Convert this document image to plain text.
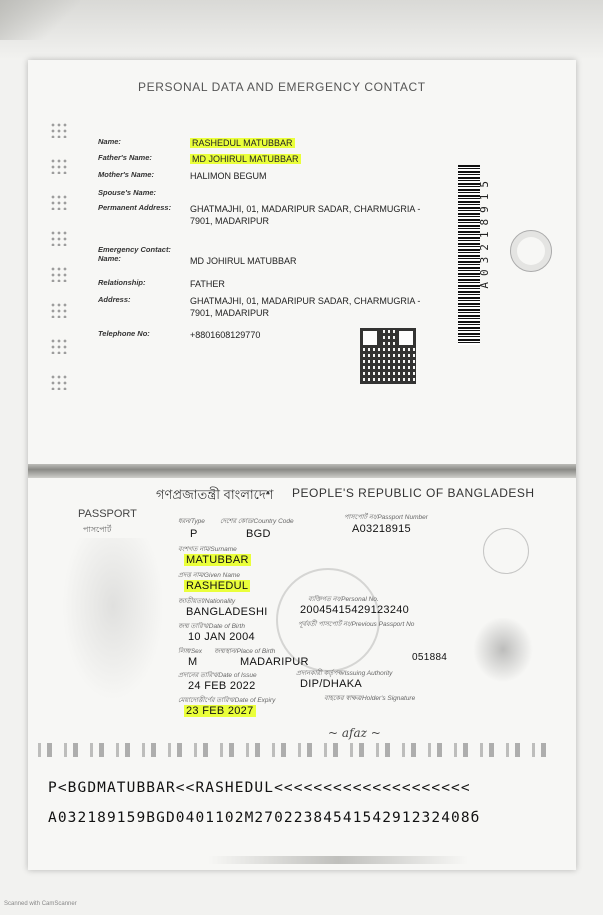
PERSONAL DATA AND EMERGENCY CONTACT
Name:	RASHEDUL MATUBBAR
Father's Name:	MD JOHIRUL MATUBBAR
Mother's Name:	HALIMON BEGUM
Spouse's Name:
Permanent Address:	GHATMAJHI, 01, MADARIPUR SADAR, CHARMUGRIA - 7901, MADARIPUR
Emergency Contact: Name:	MD JOHIRUL MATUBBAR
Relationship:	FATHER
Address:	GHATMAJHI, 01, MADARIPUR SADAR, CHARMUGRIA - 7901, MADARIPUR
Telephone No:	+8801608129770
A03218915
গণপ্রজাতন্ত্রী বাংলাদেশ PEOPLE'S REPUBLIC OF BANGLADESH
PASSPORT
পাসপোর্ট
ধরন/Type
P
দেশের কোড/Country Code
BGD
পাসপোর্ট নং/Passport Number
A03218915
বংশগত নাম/Surname
MATUBBAR
প্রদত্ত নাম/Given Name
RASHEDUL
জাতীয়তা/Nationality
BANGLADESHI
ব্যক্তিগত নং/Personal No.
20045415429123240
জন্ম তারিখ/Date of Birth
10 JAN 2004
পূর্ববর্তী পাসপোর্ট নং/Previous Passport No
লিঙ্গ/Sex
M
জন্মস্থান/Place of Birth
MADARIPUR	051884
প্রদানের তারিখ/Date of Issue
24 FEB 2022
প্রদানকারী কর্তৃপক্ষ/Issuing Authority
DIP/DHAKA
মেয়াদোত্তীর্ণের তারিখ/Date of Expiry
23 FEB 2027
বাহকের স্বাক্ষর/Holder's Signature
~ afaz ~
P<BGDMATUBBAR<<RASHEDUL<<<<<<<<<<<<<<<<<<<<
A032189159BGD0401102M2702238454154291232408б
Scanned with CamScanner
